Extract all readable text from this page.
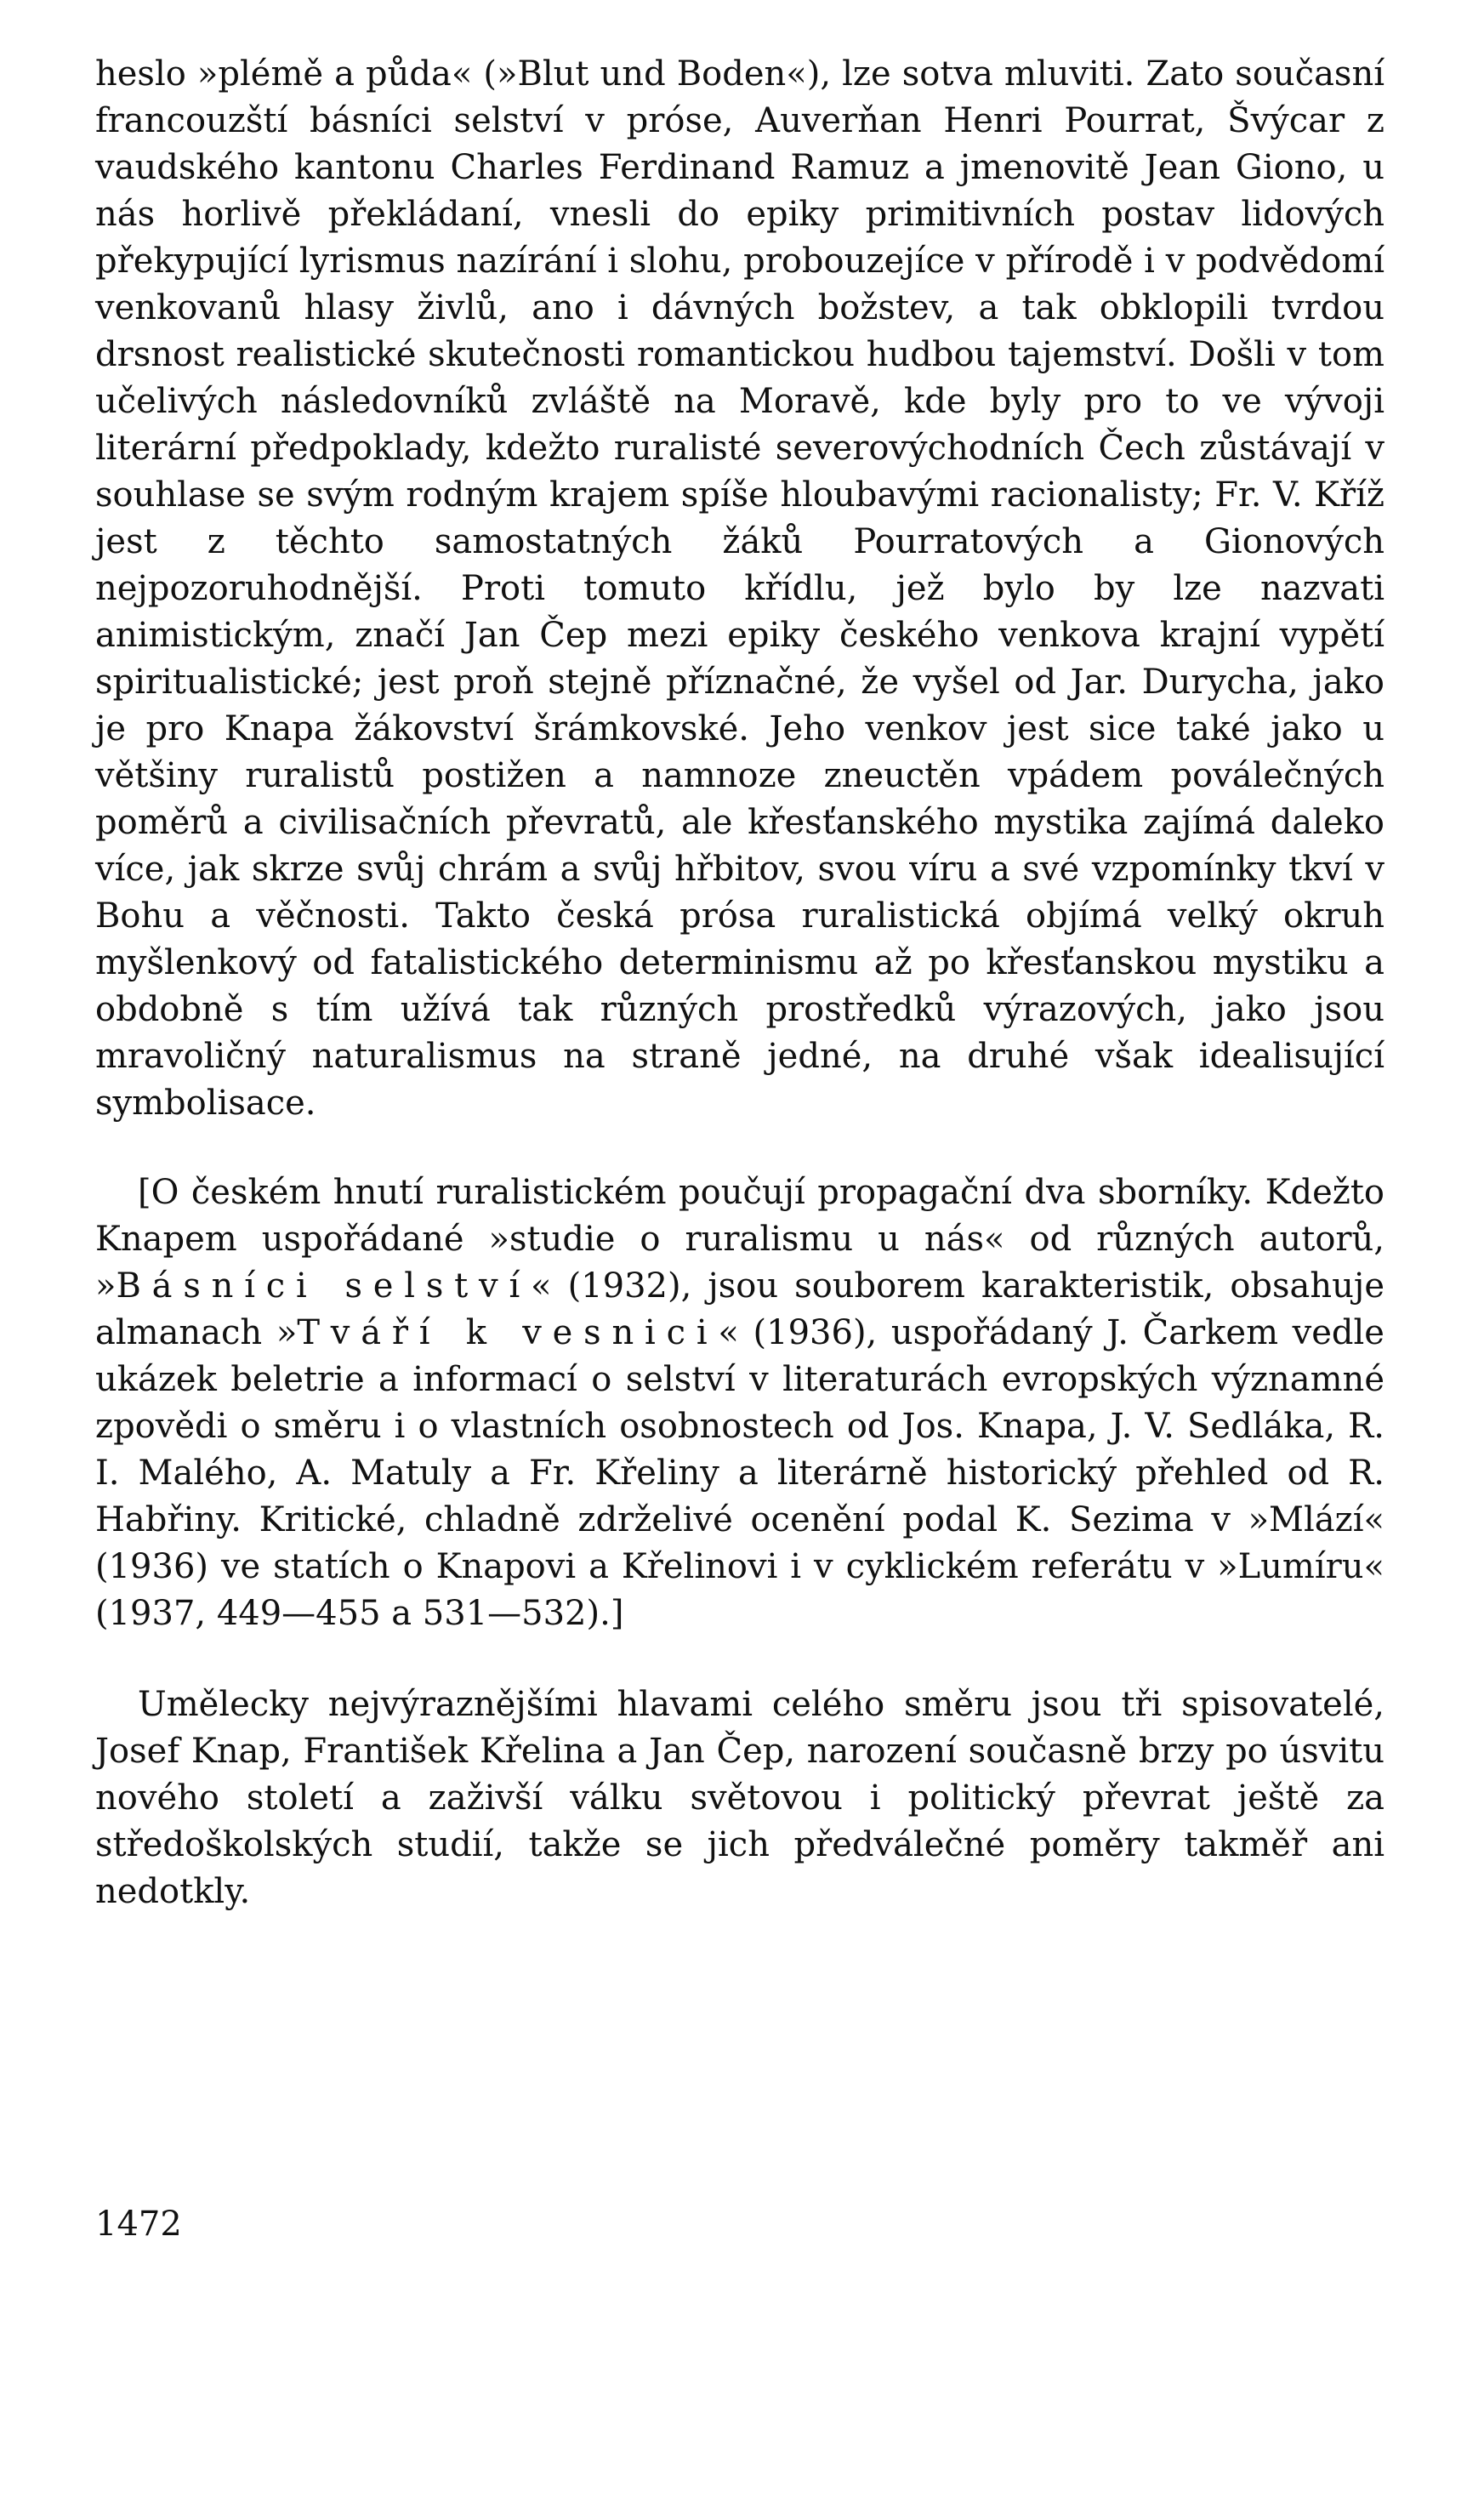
heslo »plémě a půda« (»Blut und Boden«), lze sotva mluviti. Zato současní francouzští básníci selství v próse, Auverňan Henri Pourrat, Švýcar z vaudského kantonu Charles Ferdinand Ramuz a jmenovitě Jean Giono, u nás horlivě překládaní, vnesli do epiky primitivních postav lidových překypující lyrismus nazírání i slohu, probouzejíce v přírodě i v podvědomí venkovanů hlasy živlů, ano i dávných božstev, a tak obklopili tvrdou drsnost realistické skutečnosti romantickou hudbou tajemství. Došli v tom učelivých následovníků zvláště na Moravě, kde byly pro to ve vývoji literární předpoklady, kdežto ruralisté severovýchodních Čech zůstávají v souhlase se svým rodným krajem spíše hloubavými racionalisty; Fr. V. Kříž jest z těchto samostatných žáků Pourratových a Gionových nejpozoruhodnější. Proti tomuto křídlu, jež bylo by lze nazvati animistickým, značí Jan Čep mezi epiky českého venkova krajní vypětí spiritualistické; jest proň stejně příznačné, že vyšel od Jar. Durycha, jako je pro Knapa žákovství šrámkovské. Jeho venkov jest sice také jako u většiny ruralistů postižen a namnoze zneuctěn vpádem poválečných poměrů a civilisačních převratů, ale křesťanského mystika zajímá daleko více, jak skrze svůj chrám a svůj hřbitov, svou víru a své vzpomínky tkví v Bohu a věčnosti. Takto česká prósa ruralistická objímá velký okruh myšlenkový od fatalistického determinismu až po křesťanskou mystiku a obdobně s tím užívá tak různých prostředků výrazových, jako jsou mravoličný naturalismus na straně jedné, na druhé však idealisující symbolisace.

[O českém hnutí ruralistickém poučují propagační dva sborníky. Kdežto Knapem uspořádané »studie o ruralismu u nás« od různých autorů, »Básníci selství« (1932), jsou souborem karakteristik, obsahuje almanach »Tváří k vesnici« (1936), uspořádaný J. Čarkem vedle ukázek beletrie a informací o selství v literaturách evropských významné zpovědi o směru i o vlastních osobnostech od Jos. Knapa, J. V. Sedláka, R. I. Malého, A. Matuly a Fr. Křeliny a literárně historický přehled od R. Habřiny. Kritické, chladně zdrželivé ocenění podal K. Sezima v »Mlází« (1936) ve statích o Knapovi a Křelinovi i v cyklickém referátu v »Lumíru« (1937, 449—455 a 531—532).]

Umělecky nejvýraznějšími hlavami celého směru jsou tři spisovatelé, Josef Knap, František Křelina a Jan Čep, narození současně brzy po úsvitu nového století a zaživší válku světovou i politický převrat ještě za středoškolských studií, takže se jich předválečné poměry takměř ani nedotkly.

1472
